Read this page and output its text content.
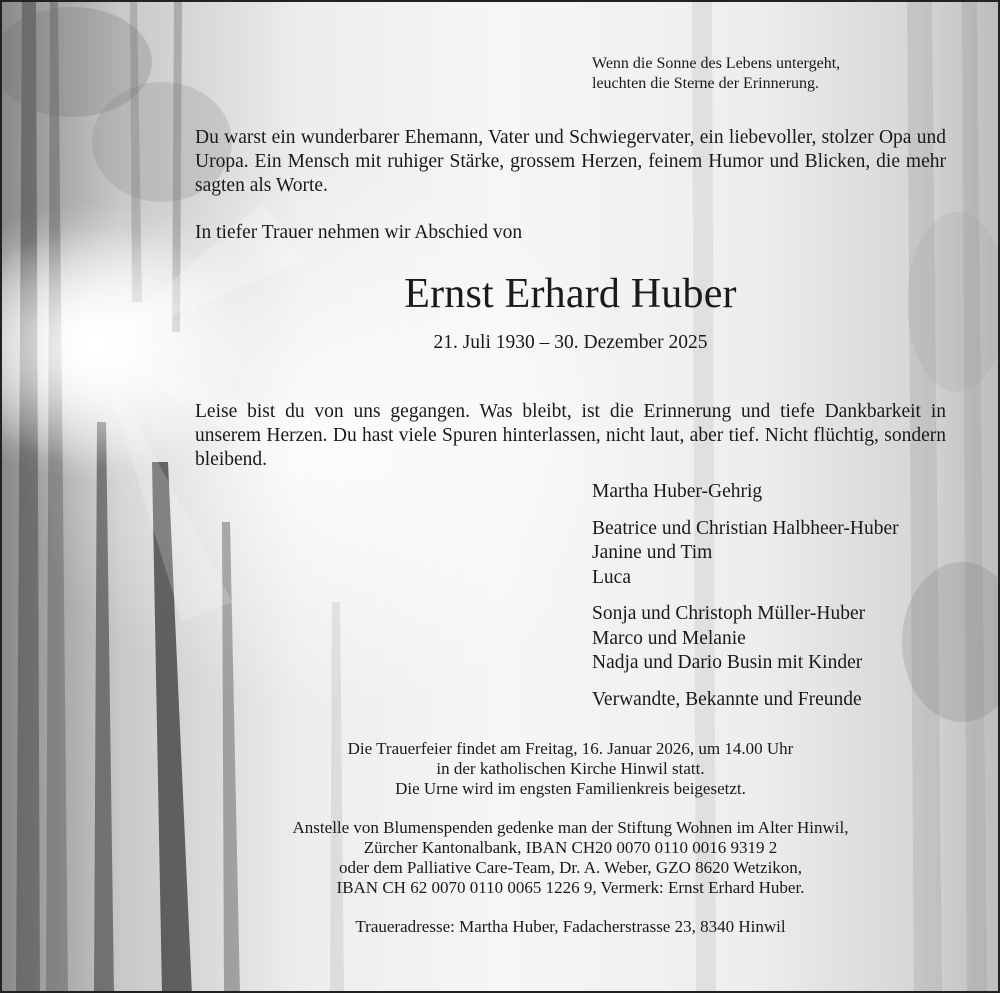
Wenn die Sonne des Lebens untergeht,
leuchten die Sterne der Erinnerung.
Du warst ein wunderbarer Ehemann, Vater und Schwiegervater, ein liebevoller, stolzer Opa und Uropa. Ein Mensch mit ruhiger Stärke, grossem Herzen, feinem Humor und Blicken, die mehr sagten als Worte.
In tiefer Trauer nehmen wir Abschied von
Ernst Erhard Huber
21. Juli 1930 – 30. Dezember 2025
Leise bist du von uns gegangen. Was bleibt, ist die Erinnerung und tiefe Dankbarkeit in unserem Herzen. Du hast viele Spuren hinterlassen, nicht laut, aber tief. Nicht flüchtig, sondern bleibend.
Martha Huber-Gehrig
Beatrice und Christian Halbheer-Huber
Janine und Tim
Luca
Sonja und Christoph Müller-Huber
Marco und Melanie
Nadja und Dario Busin mit Kinder
Verwandte, Bekannte und Freunde
Die Trauerfeier findet am Freitag, 16. Januar 2026, um 14.00 Uhr
in der katholischen Kirche Hinwil statt.
Die Urne wird im engsten Familienkreis beigesetzt.
Anstelle von Blumenspenden gedenke man der Stiftung Wohnen im Alter Hinwil,
Zürcher Kantonalbank, IBAN CH20 0070 0110 0016 9319 2
oder dem Palliative Care-Team, Dr. A. Weber, GZO 8620 Wetzikon,
IBAN CH 62 0070 0110 0065 1226 9, Vermerk: Ernst Erhard Huber.
Traueradresse: Martha Huber, Fadacherstrasse 23, 8340 Hinwil
